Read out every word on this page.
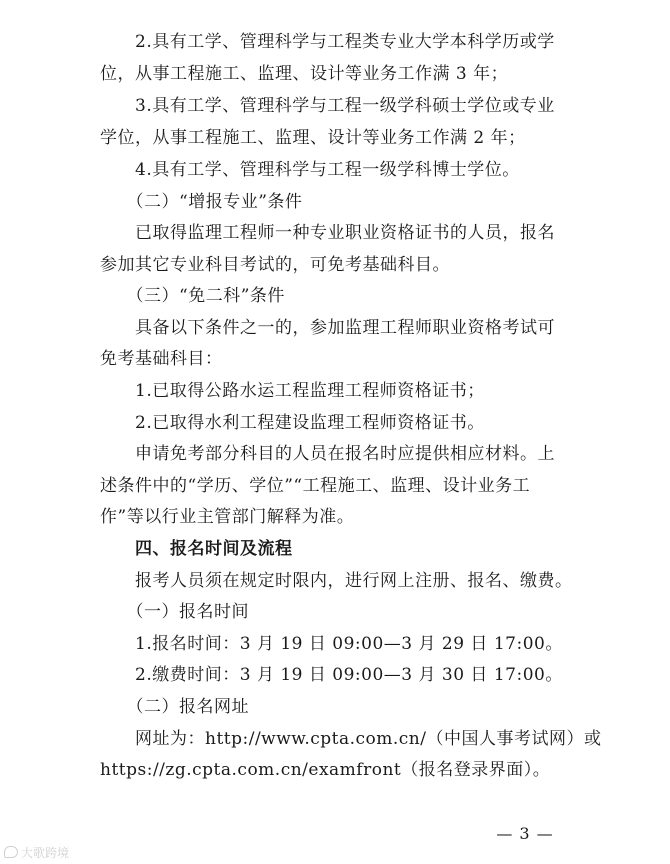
　　2.具有工学、管理科学与工程类专业大学本科学历或学
位，从事工程施工、监理、设计等业务工作满 3 年；
　　3.具有工学、管理科学与工程一级学科硕士学位或专业
学位，从事工程施工、监理、设计等业务工作满 2 年；
　　4.具有工学、管理科学与工程一级学科博士学位。
　　（二）“增报专业”条件
　　已取得监理工程师一种专业职业资格证书的人员，报名
参加其它专业科目考试的，可免考基础科目。
　　（三）“免二科”条件
　　具备以下条件之一的，参加监理工程师职业资格考试可
免考基础科目：
　　1.已取得公路水运工程监理工程师资格证书；
　　2.已取得水利工程建设监理工程师资格证书。
　　申请免考部分科目的人员在报名时应提供相应材料。上
述条件中的“学历、学位”“工程施工、监理、设计业务工
作”等以行业主管部门解释为准。
　　四、报名时间及流程
　　报考人员须在规定时限内，进行网上注册、报名、缴费。
　　（一）报名时间
　　1.报名时间：3 月 19 日 09:00—3 月 29 日 17:00。
　　2.缴费时间：3 月 19 日 09:00—3 月 30 日 17:00。
　　（二）报名网址
　　网址为：http://www.cpta.com.cn/（中国人事考试网）或
https://zg.cpta.com.cn/examfront（报名登录界面）。
— 3 —
大歌跨境
